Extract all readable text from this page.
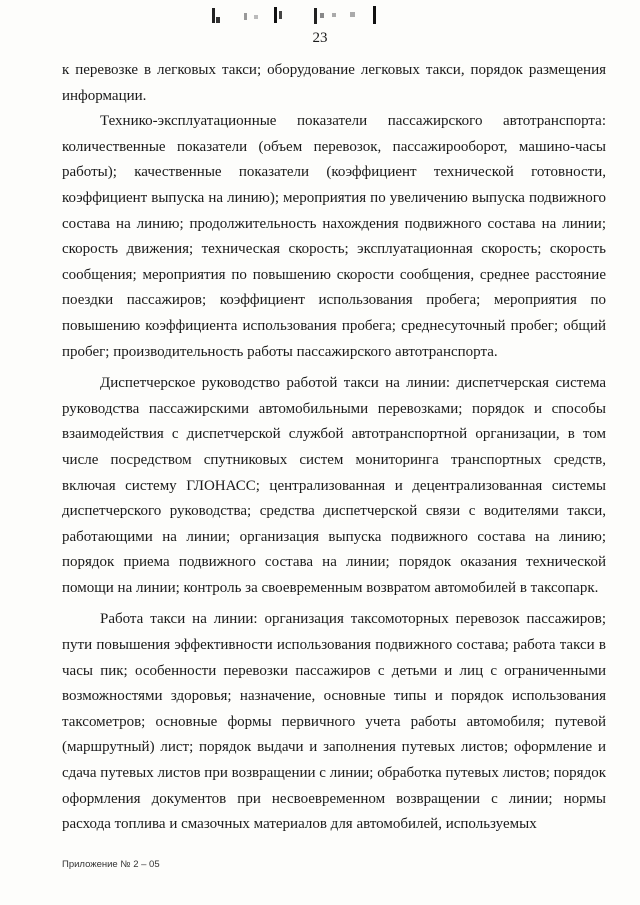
23

к перевозке в легковых такси; оборудование легковых такси, порядок размещения информации.

Технико-эксплуатационные показатели пассажирского автотранспорта: количественные показатели (объем перевозок, пассажирооборот, машино-часы работы); качественные показатели (коэффициент технической готовности, коэффициент выпуска на линию); мероприятия по увеличению выпуска подвижного состава на линию; продолжительность нахождения подвижного состава на линии; скорость движения; техническая скорость; эксплуатационная скорость; скорость сообщения; мероприятия по повышению скорости сообщения, среднее расстояние поездки пассажиров; коэффициент использования пробега; мероприятия по повышению коэффициента использования пробега; среднесуточный пробег; общий пробег; производительность работы пассажирского автотранспорта.

Диспетчерское руководство работой такси на линии: диспетчерская система руководства пассажирскими автомобильными перевозками; порядок и способы взаимодействия с диспетчерской службой автотранспортной организации, в том числе посредством спутниковых систем мониторинга транспортных средств, включая систему ГЛОНАСС; централизованная и децентрализованная системы диспетчерского руководства; средства диспетчерской связи с водителями такси, работающими на линии; организация выпуска подвижного состава на линию; порядок приема подвижного состава на линии; порядок оказания технической помощи на линии; контроль за своевременным возвратом автомобилей в таксопарк.

Работа такси на линии: организация таксомоторных перевозок пассажиров; пути повышения эффективности использования подвижного состава; работа такси в часы пик; особенности перевозки пассажиров с детьми и лиц с ограниченными возможностями здоровья; назначение, основные типы и порядок использования таксометров; основные формы первичного учета работы автомобиля; путевой (маршрутный) лист; порядок выдачи и заполнения путевых листов; оформление и сдача путевых листов при возвращении с линии; обработка путевых листов; порядок оформления документов при несвоевременном возвращении с линии; нормы расхода топлива и смазочных материалов для автомобилей, используемых

Приложение № 2 – 05
